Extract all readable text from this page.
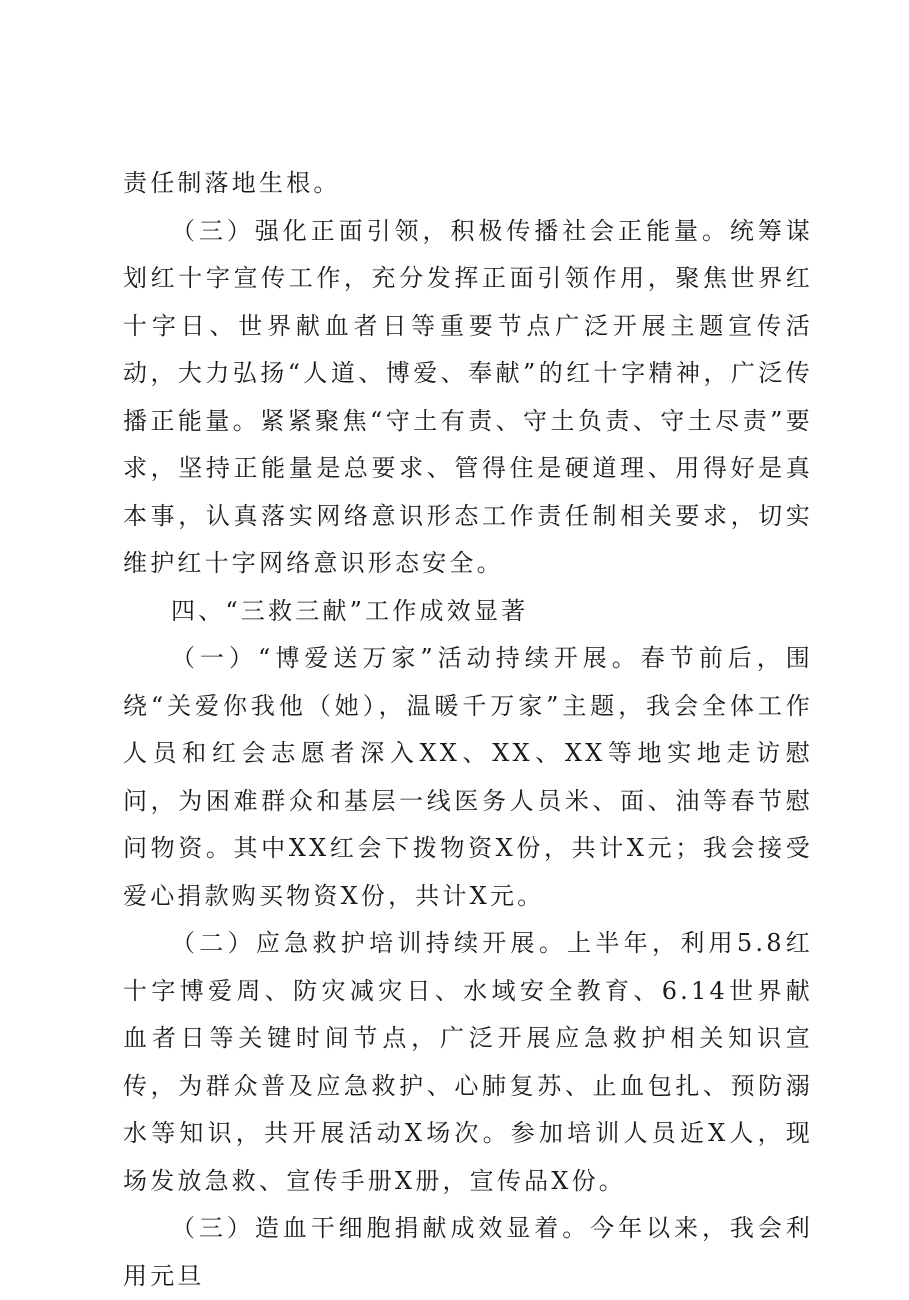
责任制落地生根。

（三）强化正面引领，积极传播社会正能量。统筹谋划红十字宣传工作，充分发挥正面引领作用，聚焦世界红十字日、世界献血者日等重要节点广泛开展主题宣传活动，大力弘扬“人道、博爱、奉献”的红十字精神，广泛传播正能量。紧紧聚焦“守土有责、守土负责、守土尽责”要求，坚持正能量是总要求、管得住是硬道理、用得好是真本事，认真落实网络意识形态工作责任制相关要求，切实维护红十字网络意识形态安全。

四、“三救三献”工作成效显著

（一）“博爱送万家”活动持续开展。春节前后，围绕“关爱你我他（她），温暖千万家”主题，我会全体工作人员和红会志愿者深入XX、XX、XX等地实地走访慰问，为困难群众和基层一线医务人员米、面、油等春节慰问物资。其中XX红会下拨物资X份，共计X元；我会接受爱心捐款购买物资X份，共计X元。

（二）应急救护培训持续开展。上半年，利用5.8红十字博爱周、防灾减灾日、水域安全教育、6.14世界献血者日等关键时间节点，广泛开展应急救护相关知识宣传，为群众普及应急救护、心肺复苏、止血包扎、预防溺水等知识，共开展活动X场次。参加培训人员近X人，现场发放急救、宣传手册X册，宣传品X份。

（三）造血干细胞捐献成效显着。今年以来，我会利用元旦
